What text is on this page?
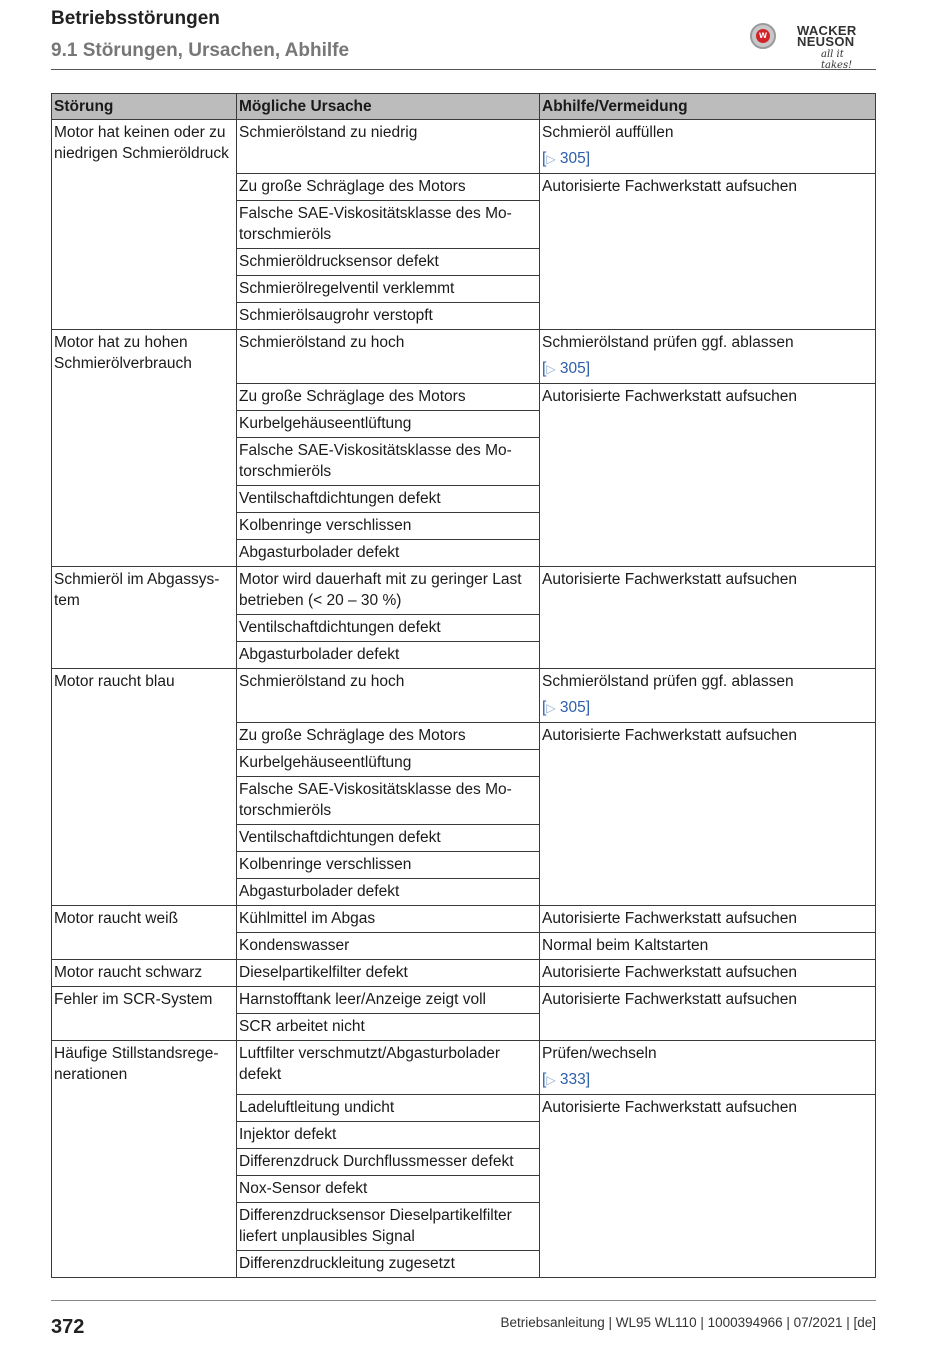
Betriebsstörungen
9.1 Störungen, Ursachen, Abhilfe
w WACKER
NEUSON
all it takes!
Störung	Mögliche Ursache	Abhilfe/Vermeidung
Motor hat keinen oder zu niedrigen Schmieröldruck	Schmierölstand zu niedrig	Schmieröl auffüllen
[▷ 305]

	Zu große Schräglage des Motors	Autorisierte Fachwerkstatt aufsuchen
	Falsche SAE-Viskositätsklasse des Motorschmieröls	
	Schmieröldrucksensor defekt	
	Schmierölregelventil verklemmt	
	Schmierölsaugrohr verstopft	
Motor hat zu hohen Schmierölverbrauch	Schmierölstand zu hoch	Schmierölstand prüfen ggf. ablassen
[▷ 305]

	Zu große Schräglage des Motors	Autorisierte Fachwerkstatt aufsuchen
	Kurbelgehäuseentlüftung	
	Falsche SAE-Viskositätsklasse des Motorschmieröls	
	Ventilschaftdichtungen defekt	
	Kolbenringe verschlissen	
	Abgasturbolader defekt	
Schmieröl im Abgassystem	Motor wird dauerhaft mit zu geringer Last betrieben (< 20 – 30 %)	Autorisierte Fachwerkstatt aufsuchen
	Ventilschaftdichtungen defekt	
	Abgasturbolader defekt	
Motor raucht blau	Schmierölstand zu hoch	Schmierölstand prüfen ggf. ablassen
[▷ 305]

	Zu große Schräglage des Motors	Autorisierte Fachwerkstatt aufsuchen
	Kurbelgehäuseentlüftung	
	Falsche SAE-Viskositätsklasse des Motorschmieröls	
	Ventilschaftdichtungen defekt	
	Kolbenringe verschlissen	
	Abgasturbolader defekt	
Motor raucht weiß	Kühlmittel im Abgas	Autorisierte Fachwerkstatt aufsuchen
	Kondenswasser	Normal beim Kaltstarten
Motor raucht schwarz	Dieselpartikelfilter defekt	Autorisierte Fachwerkstatt aufsuchen
Fehler im SCR-System	Harnstofftank leer/Anzeige zeigt voll	Autorisierte Fachwerkstatt aufsuchen
	SCR arbeitet nicht	
Häufige Stillstandsregenerationen	Luftfilter verschmutzt/Abgasturbolader defekt	Prüfen/wechseln
[▷ 333]

	Ladeluftleitung undicht	Autorisierte Fachwerkstatt aufsuchen
	Injektor defekt	
	Differenzdruck Durchflussmesser defekt	
	Nox-Sensor defekt	
	Differenzdrucksensor Dieselpartikelfilter liefert unplausibles Signal	
	Differenzdruckleitung zugesetzt	
372	Betriebsanleitung | WL95 WL110 | 1000394966 | 07/2021 | [de]
